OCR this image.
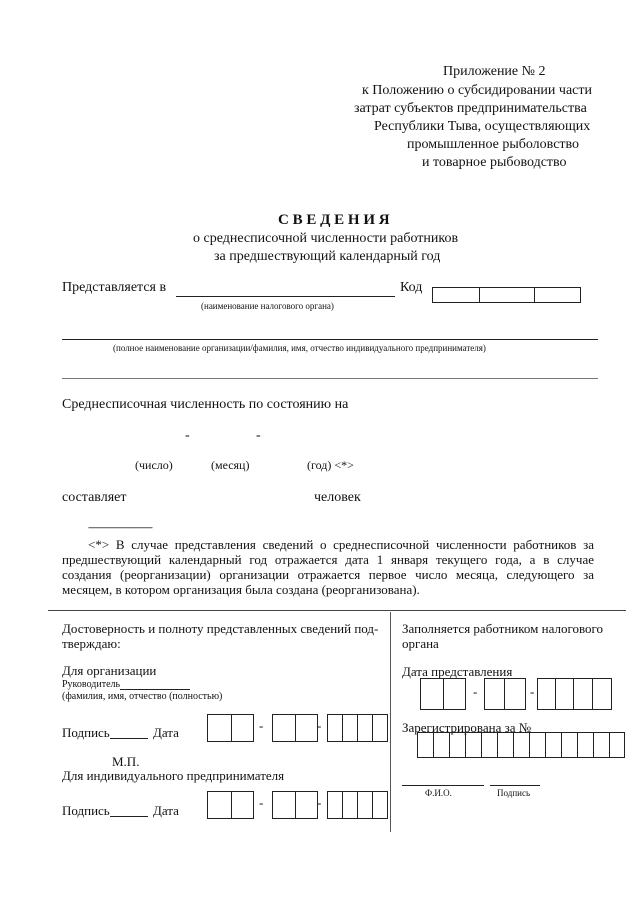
Приложение № 2
к Положению о субсидировании части
затрат субъектов предпринимательства
Республики Тыва, осуществляющих
промышленное рыболовство
и товарное рыбоводство
С В Е Д Е Н И Я
о среднесписочной численности работников
за предшествующий календарный год
Представляется в
(наименование налогового органа)
Код
(полное наименование организации/фамилия, имя, отчество индивидуального предпринимателя)
Среднесписочная численность по состоянию на
-	-
(число)	(месяц)	(год) <*>
составляет	человек
--------------------------------
<*> В случае представления сведений о среднесписочной численности работников за предшествующий календарный год отражается дата 1 января текущего года, а в случае создания (реорганизации) организации отражается первое число месяца, следующего за месяцем, в котором организация была создана (реорганизована).
Достоверность и полноту представленных сведений под-
тверждаю:
Для организации
Руководитель
(фамилия, имя, отчество (полностью)
Подпись	Дата	-	-
М.П.
Для индивидуального предпринимателя
Подпись	Дата
-	-
Заполняется работником налогового
органа
Дата представления
-	-
Зарегистрирована за №
Ф.И.О.	Подпись
